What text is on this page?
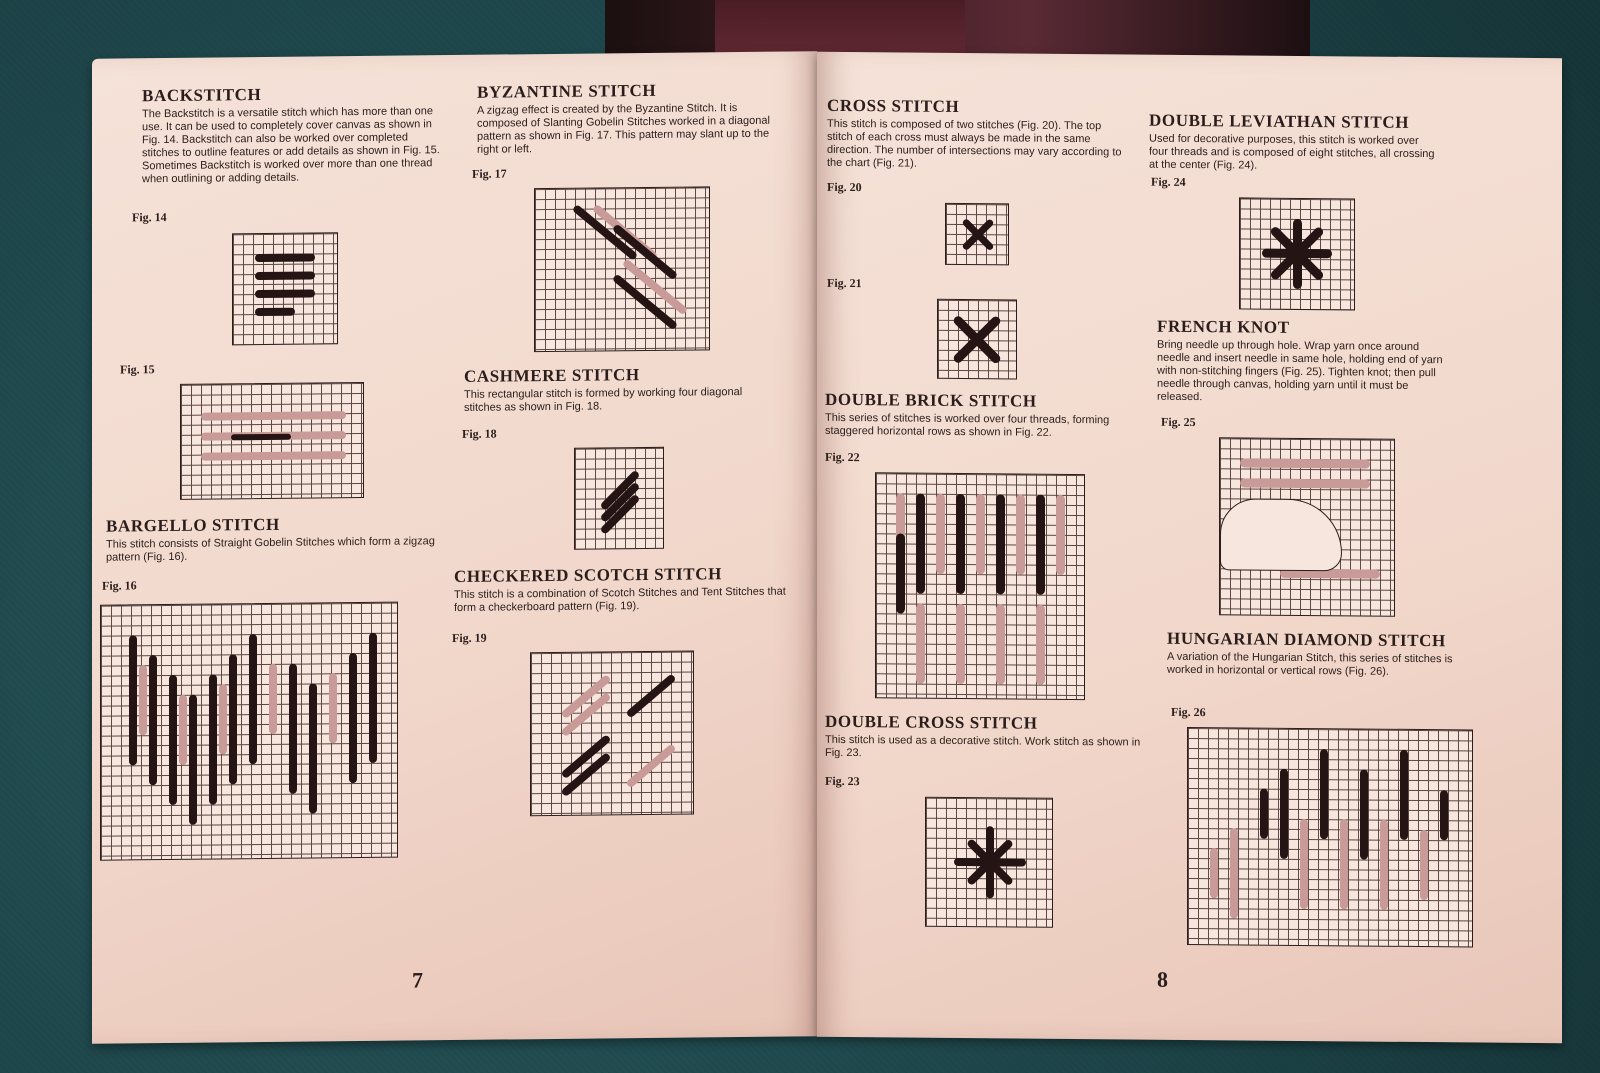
BACKSTITCH

The Backstitch is a versatile stitch which has more than one use. It can be used to completely cover canvas as shown in Fig. 14. Backstitch can also be worked over completed stitches to outline features or add details as shown in Fig. 15. Sometimes Backstitch is worked over more than one thread when outlining or adding details.

Fig. 14
Fig. 15
BARGELLO STITCH

This stitch consists of Straight Gobelin Stitches which form a zigzag pattern (Fig. 16).

Fig. 16
BYZANTINE STITCH

A zigzag effect is created by the Byzantine Stitch. It is composed of Slanting Gobelin Stitches worked in a diagonal pattern as shown in Fig. 17. This pattern may slant up to the right or left.

Fig. 17
CASHMERE STITCH

This rectangular stitch is formed by working four diagonal stitches as shown in Fig. 18.

Fig. 18
CHECKERED SCOTCH STITCH

This stitch is a combination of Scotch Stitches and Tent Stitches that form a checkerboard pattern (Fig. 19).

Fig. 19
7
CROSS STITCH

This stitch is composed of two stitches (Fig. 20). The top stitch of each cross must always be made in the same direction. The number of intersections may vary according to the chart (Fig. 21).

Fig. 20
Fig. 21
DOUBLE BRICK STITCH

This series of stitches is worked over four threads, forming staggered horizontal rows as shown in Fig. 22.

Fig. 22
DOUBLE CROSS STITCH

This stitch is used as a decorative stitch. Work stitch as shown in Fig. 23.

Fig. 23
DOUBLE LEVIATHAN STITCH

Used for decorative purposes, this stitch is worked over four threads and is composed of eight stitches, all crossing at the center (Fig. 24).

Fig. 24
FRENCH KNOT

Bring needle up through hole. Wrap yarn once around needle and insert needle in same hole, holding end of yarn with non-stitching fingers (Fig. 25). Tighten knot; then pull needle through canvas, holding yarn until it must be released.

Fig. 25
HUNGARIAN DIAMOND STITCH

A variation of the Hungarian Stitch, this series of stitches is worked in horizontal or vertical rows (Fig. 26).

Fig. 26
8
